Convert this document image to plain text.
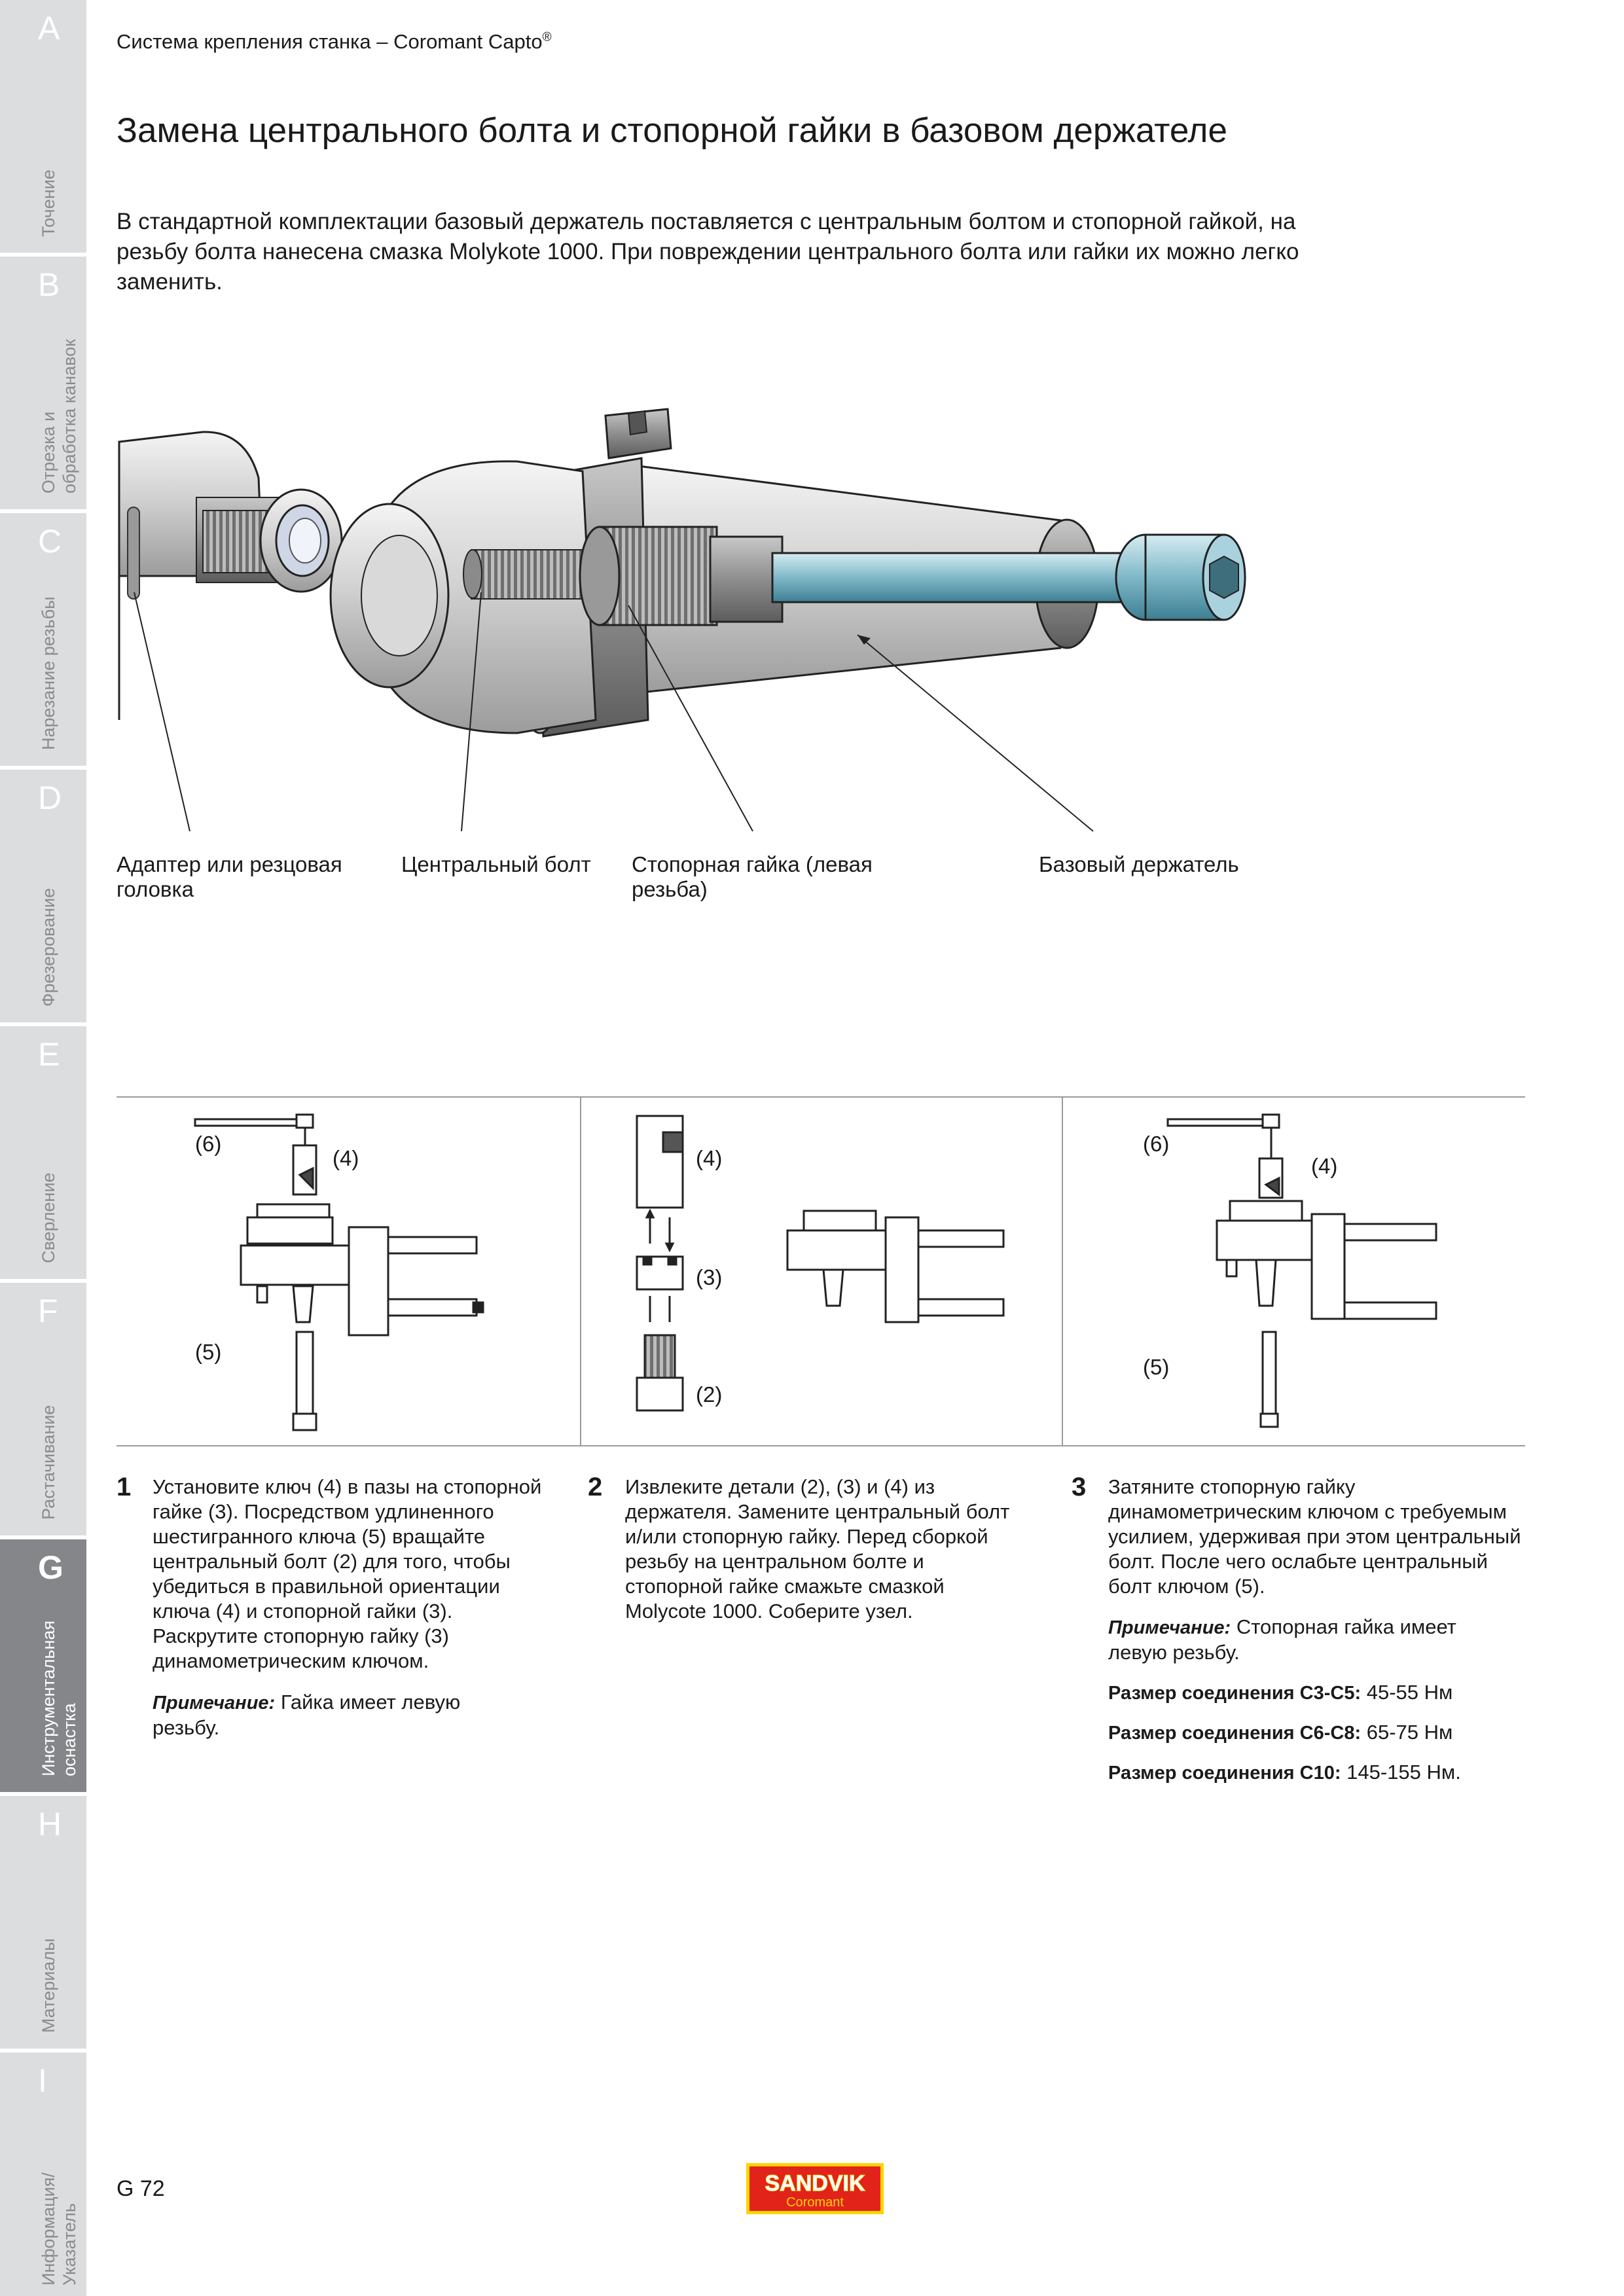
A
Точение
B
Отрезка и
обработка канавок
C
Нарезание резьбы
D
Фрезерование
E
Сверление
F
Растачивание
G
Инструментальная
оснастка
H
Материалы
I
Информация/
Указатель
Система крепления станка – Coromant Capto®
Замена центрального болта и стопорной гайки в базовом держателе
В стандартной комплектации базовый держатель поставляется с центральным болтом и стопорной гайкой, на резьбу болта нанесена смазка Molykote 1000. При повреждении центрального болта или гайки их можно легко заменить.
Адаптер или резцовая головка
Центральный болт	Стопорная гайка (левая резьба)
Базовый держатель
(6)
(4)
(5)
(4)
(3)
(2)
(6)
(4)
(5)
1 Установите ключ (4) в пазы на стопорной гайке (3). Посредством удлиненного шестигранного ключа (5) вращайте центральный болт (2) для того, чтобы убедиться в правильной ориентации ключа (4) и стопорной гайки (3). Раскрутите стопорную гайку (3) динамометрическим ключом.
Примечание: Гайка имеет левую резьбу.
2 Извлеките детали (2), (3) и (4) из держателя. Замените центральный болт и/или стопорную гайку. Перед сборкой резьбу на центральном болте и стопорной гайке смажьте смазкой Molycote 1000. Соберите узел.
3 Затяните стопорную гайку динамометрическим ключом с требуемым усилием, удерживая при этом центральный болт. После чего ослабьте центральный болт ключом (5).
Примечание: Стопорная гайка имеет левую резьбу.
Размер соединения C3-C5: 45-55 Нм
Размер соединения C6-C8: 65-75 Нм
Размер соединения C10: 145-155 Нм.
G 72	SANDVIK
Coromant
